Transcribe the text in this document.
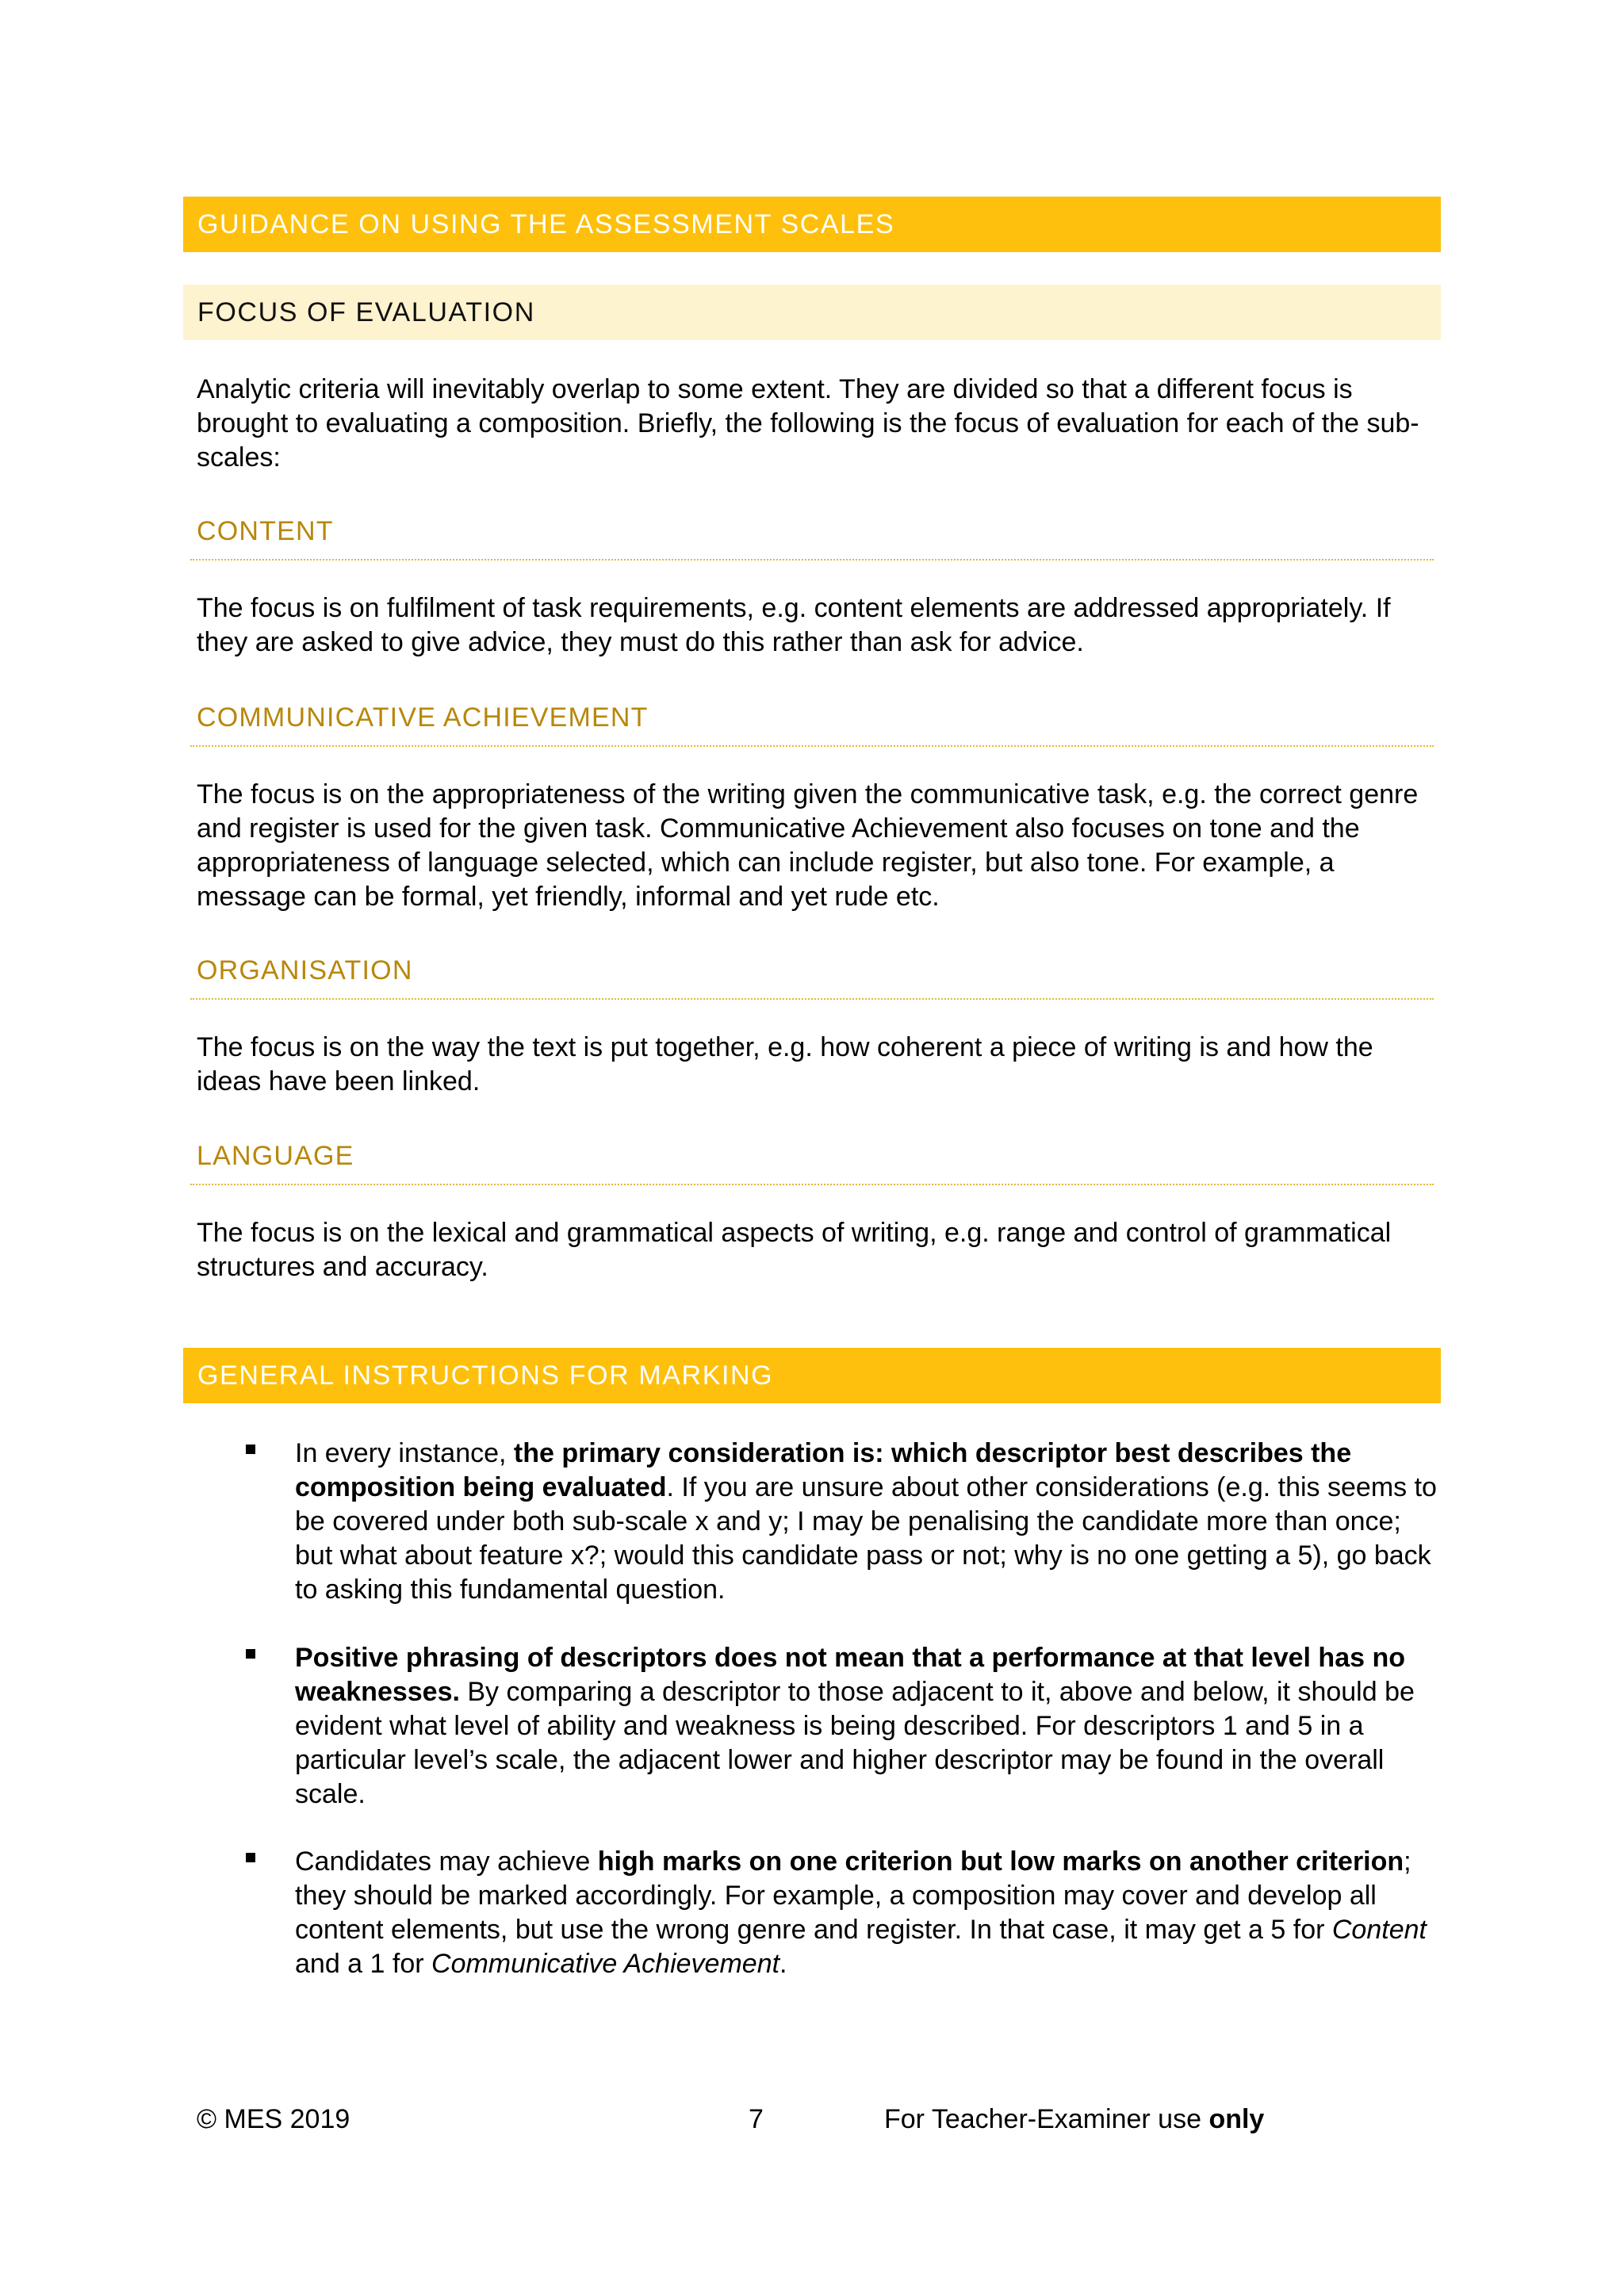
GUIDANCE ON USING THE ASSESSMENT SCALES
FOCUS OF EVALUATION

Analytic criteria will inevitably overlap to some extent. They are divided so that a different focus is brought to evaluating a composition. Briefly, the following is the focus of evaluation for each of the sub-scales:

CONTENT

The focus is on fulfilment of task requirements, e.g. content elements are addressed appropriately. If they are asked to give advice, they must do this rather than ask for advice.

COMMUNICATIVE ACHIEVEMENT

The focus is on the appropriateness of the writing given the communicative task, e.g. the correct genre and register is used for the given task. Communicative Achievement also focuses on tone and the appropriateness of language selected, which can include register, but also tone. For example, a message can be formal, yet friendly, informal and yet rude etc.

ORGANISATION

The focus is on the way the text is put together, e.g. how coherent a piece of writing is and how the ideas have been linked.

LANGUAGE

The focus is on the lexical and grammatical aspects of writing, e.g. range and control of grammatical structures and accuracy.

GENERAL INSTRUCTIONS FOR MARKING

In every instance, the primary consideration is: which descriptor best describes the composition being evaluated. If you are unsure about other considerations (e.g. this seems to be covered under both sub-scale x and y; I may be penalising the candidate more than once; but what about feature x?; would this candidate pass or not; why is no one getting a 5), go back to asking this fundamental question.

Positive phrasing of descriptors does not mean that a performance at that level has no weaknesses. By comparing a descriptor to those adjacent to it, above and below, it should be evident what level of ability and weakness is being described. For descriptors 1 and 5 in a particular level’s scale, the adjacent lower and higher descriptor may be found in the overall scale.

Candidates may achieve high marks on one criterion but low marks on another criterion; they should be marked accordingly. For example, a composition may cover and develop all content elements, but use the wrong genre and register. In that case, it may get a 5 for Content and a 1 for Communicative Achievement.

© MES 2019	7	For Teacher-Examiner use only
